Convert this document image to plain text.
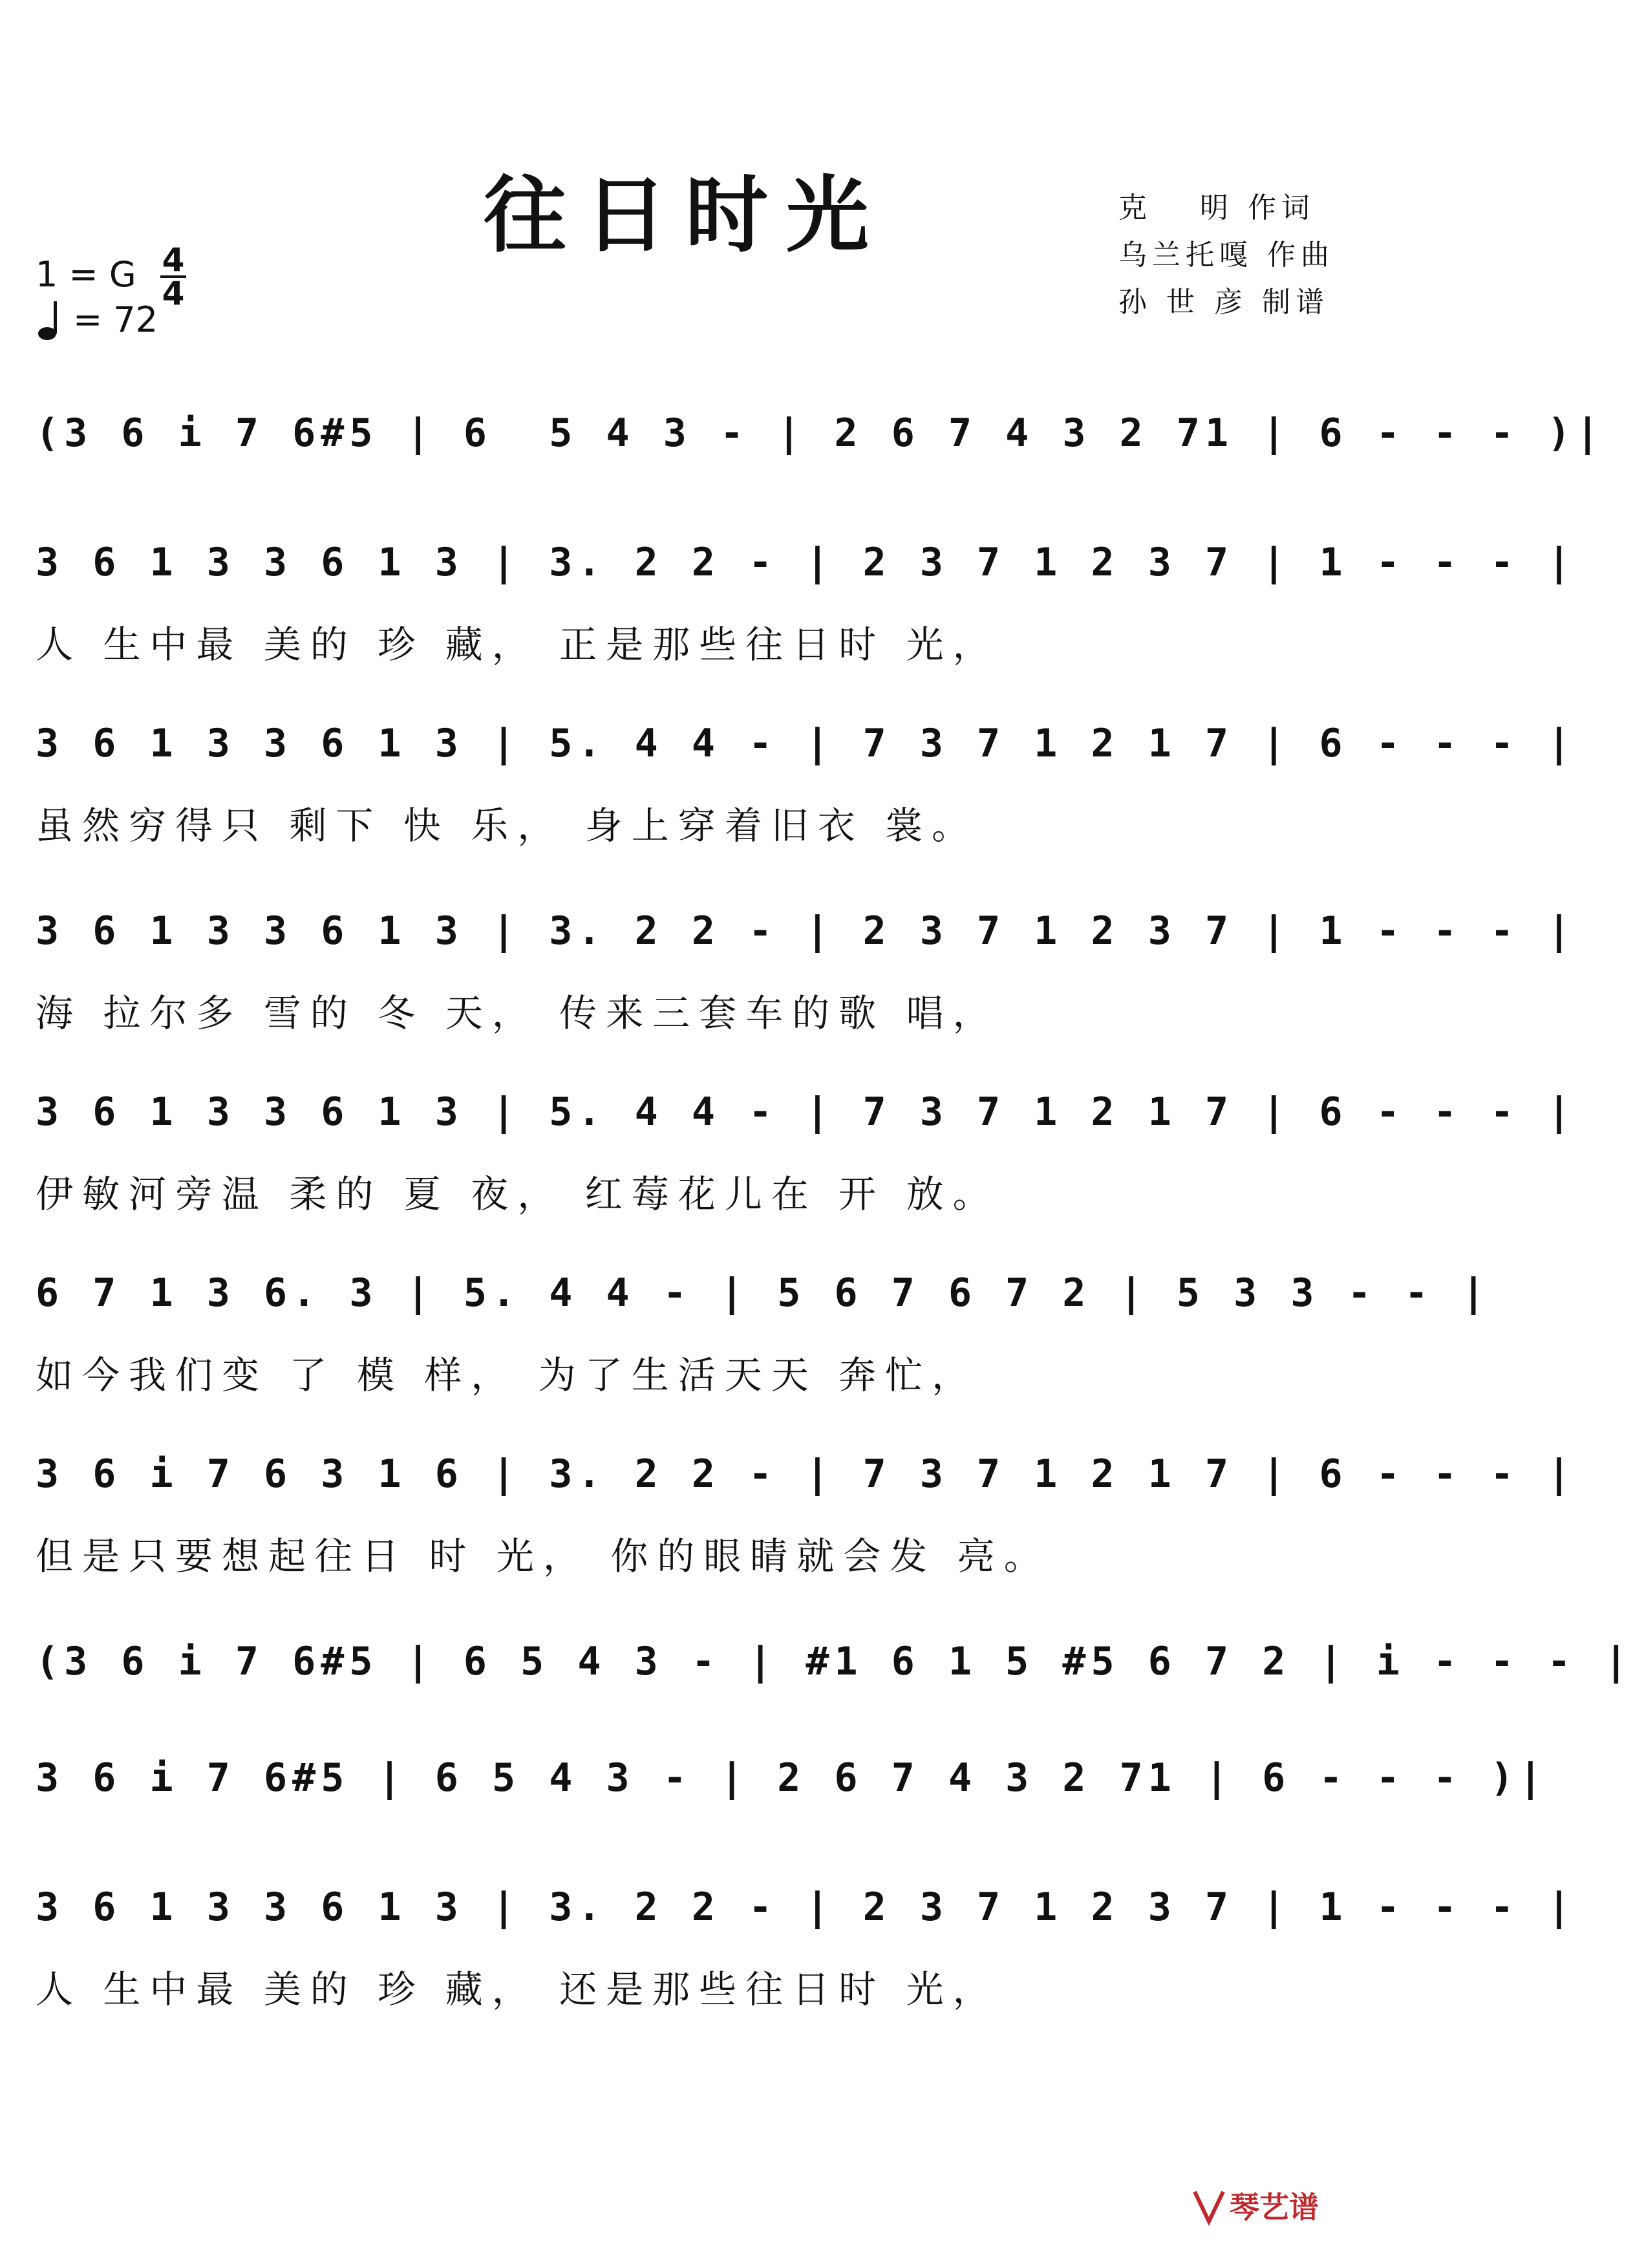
往日时光	克　 明 作词
乌兰托嘎 作曲
孙 世 彦 制谱
1 = G
= 72
4
4
(3 6 i 7 6#5 | 6  5 4 3 - | 2 6 7 4 3 2 71 | 6 - - - )|
3 6 1 3 3 6 1 3 | 3. 2 2 - | 2 3 7 1 2 3 7 | 1 - - - |
人 生中最 美的 珍 藏， 正是那些往日时 光，
3 6 1 3 3 6 1 3 | 5. 4 4 - | 7 3 7 1 2 1 7 | 6 - - - |
虽然穷得只 剩下 快 乐， 身上穿着旧衣 裳。
3 6 1 3 3 6 1 3 | 3. 2 2 - | 2 3 7 1 2 3 7 | 1 - - - |
海 拉尔多 雪的 冬 天， 传来三套车的歌 唱，
3 6 1 3 3 6 1 3 | 5. 4 4 - | 7 3 7 1 2 1 7 | 6 - - - |
伊敏河旁温 柔的 夏 夜， 红莓花儿在 开 放。
6 7 1 3 6. 3 | 5. 4 4 - | 5 6 7 6 7 2 | 5 3 3 - - |
如今我们变 了 模 样， 为了生活天天 奔忙，
3 6 i 7 6 3 1 6 | 3. 2 2 - | 7 3 7 1 2 1 7 | 6 - - - |
但是只要想起往日 时 光， 你的眼睛就会发 亮。
(3 6 i 7 6#5 | 6 5 4 3 - | #1 6 1 5 #5 6 7 2 | i - - - |
3 6 i 7 6#5 | 6 5 4 3 - | 2 6 7 4 3 2 71 | 6 - - - )|
3 6 1 3 3 6 1 3 | 3. 2 2 - | 2 3 7 1 2 3 7 | 1 - - - |
人 生中最 美的 珍 藏， 还是那些往日时 光，
琴艺谱
